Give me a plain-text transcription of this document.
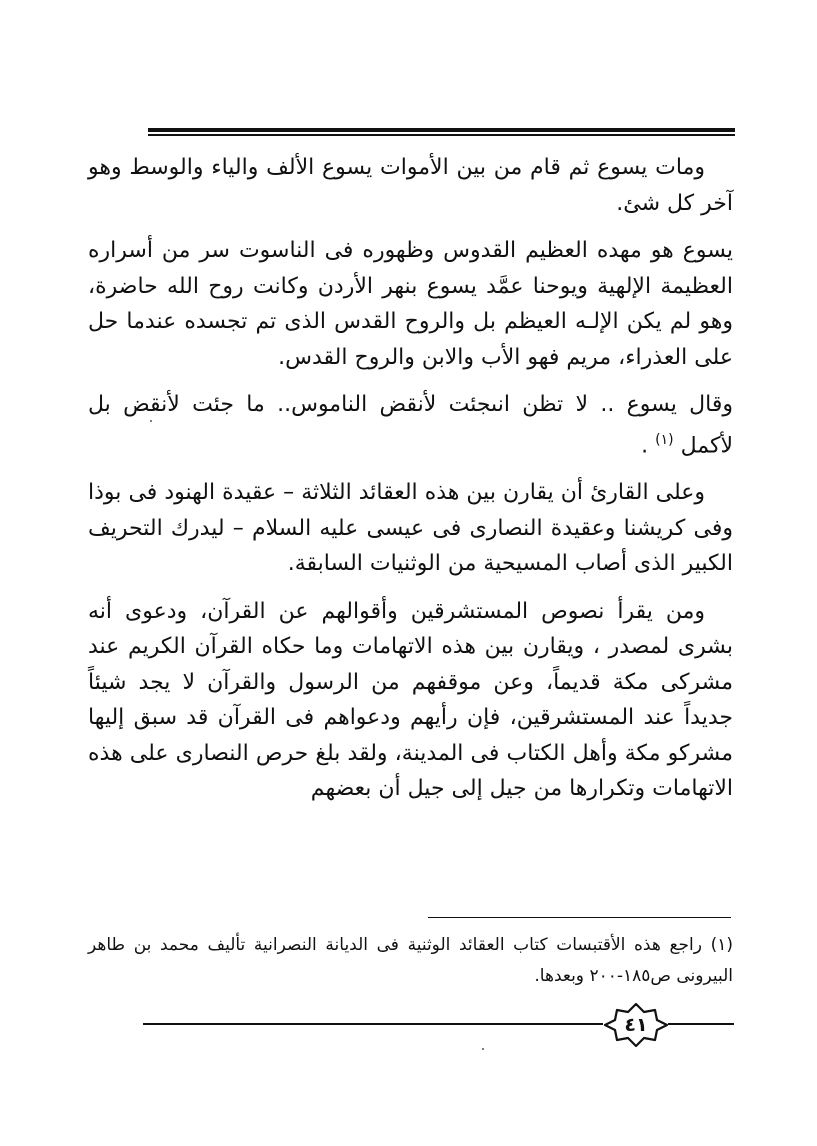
ومات يسوع ثم قام من بين الأموات يسوع الألف والياء والوسط وهو آخر كل شئ.

يسوع هو مهده العظيم القدوس وظهوره فى الناسوت سر من أسراره العظيمة الإلهية ويوحنا عمَّد يسوع بنهر الأردن وكانت روح الله حاضرة، وهو لم يكن الإلـه العيظم بل والروح القدس الذى تم تجسده عندما حل على العذراء، مريم فهو الأب والابن والروح القدس.

وقال يسوع .. لا تظن انىجئت لأنقض الناموس.. ما جئت لأنقض بل لأكمل $^{(١)}$ .

وعلى القارئ أن يقارن بين هذه العقائد الثلاثة – عقيدة الهنود فى بوذا وفى كريشنا وعقيدة النصارى فى عيسى عليه السلام – ليدرك التحريف الكبير الذى أصاب المسيحية من الوثنيات السابقة.

ومن يقرأ نصوص المستشرقين وأقوالهم عن القرآن، ودعوى أنه بشرى لمصدر ، ويقارن بين هذه الاتهامات وما حكاه القرآن الكريم عند مشركى مكة قديماً، وعن موقفهم من الرسول والقرآن لا يجد شيئاً جديداً عند المستشرقين، فإن رأيهم ودعواهم فى القرآن قد سبق إليها مشركو مكة وأهل الكتاب فى المدينة، ولقد بلغ حرص النصارى على هذه الاتهامات وتكرارها من جيل إلى جيل أن بعضهم

(١) راجع هذه الأقتبسات كتاب العقائد الوثنية فى الديانة النصرانية تأليف محمد بن طاهر البيرونى ص١٨٥-٢٠٠ وبعدها.

٤١
